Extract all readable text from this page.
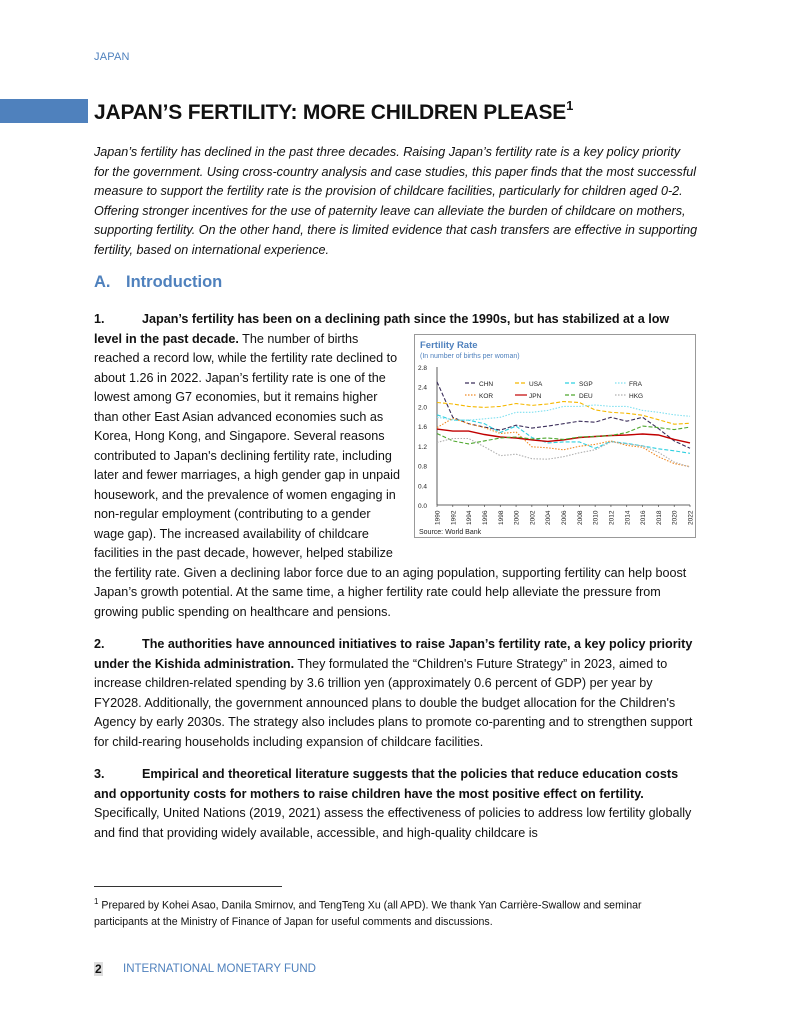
JAPAN
JAPAN’S FERTILITY: MORE CHILDREN PLEASE$^1$

Japan’s fertility has declined in the past three decades. Raising Japan’s fertility rate is a key policy priority for the government. Using cross-country analysis and case studies, this paper finds that the most successful measure to support the fertility rate is the provision of childcare facilities, particularly for children aged 0-2. Offering stronger incentives for the use of paternity leave can alleviate the burden of childcare on mothers, supporting fertility. On the other hand, there is limited evidence that cash transfers are effective in supporting fertility, based on international experience.

A. Introduction

1.	Japan’s fertility has been on a declining path since the 1990s, but has stabilized at a low

Fertility Rate
(In number of births per woman)
Source: World Bank
0.0
0.4
0.8
1.2
1.6
2.0
2.4
2.8
1990 1992 1994 1996 1998 2000 2002 2004 2006 2008 2010 2012 2014 2016 2018 2020 2022
CHN	USA	SGP	FRA
KOR	JPN	DEU	HKG
level in the past decade. The number of births reached a record low, while the fertility rate declined to about 1.26 in 2022. Japan’s fertility rate is one of the lowest among G7 economies, but it remains higher than other East Asian advanced economies such as Korea, Hong Kong, and Singapore. Several reasons contributed to Japan's declining fertility rate, including later and fewer marriages, a high gender gap in unpaid housework, and the prevalence of women engaging in non-regular employment (contributing to a gender wage gap). The increased availability of childcare facilities in the past decade, however, helped stabilize the fertility rate. Given a declining labor force due to an aging population, supporting fertility can help boost Japan’s growth potential. At the same time, a higher fertility rate could help alleviate the pressure from growing public spending on healthcare and pensions.

2.	The authorities have announced initiatives to raise Japan’s fertility rate, a key policy priority under the Kishida administration. They formulated the “Children's Future Strategy” in 2023, aimed to increase children-related spending by 3.6 trillion yen (approximately 0.6 percent of GDP) per year by FY2028. Additionally, the government announced plans to double the budget allocation for the Children's Agency by early 2030s. The strategy also includes plans to promote co-parenting and to strengthen support for child-rearing households including expansion of childcare facilities.

3.	Empirical and theoretical literature suggests that the policies that reduce education costs and opportunity costs for mothers to raise children have the most positive effect on fertility. Specifically, United Nations (2019, 2021) assess the effectiveness of policies to address low fertility globally and find that providing widely available, accessible, and high-quality childcare is

$^1$ Prepared by Kohei Asao, Danila Smirnov, and TengTeng Xu (all APD). We thank Yan Carrière-Swallow and seminar participants at the Ministry of Finance of Japan for useful comments and discussions.

2 INTERNATIONAL MONETARY FUND
